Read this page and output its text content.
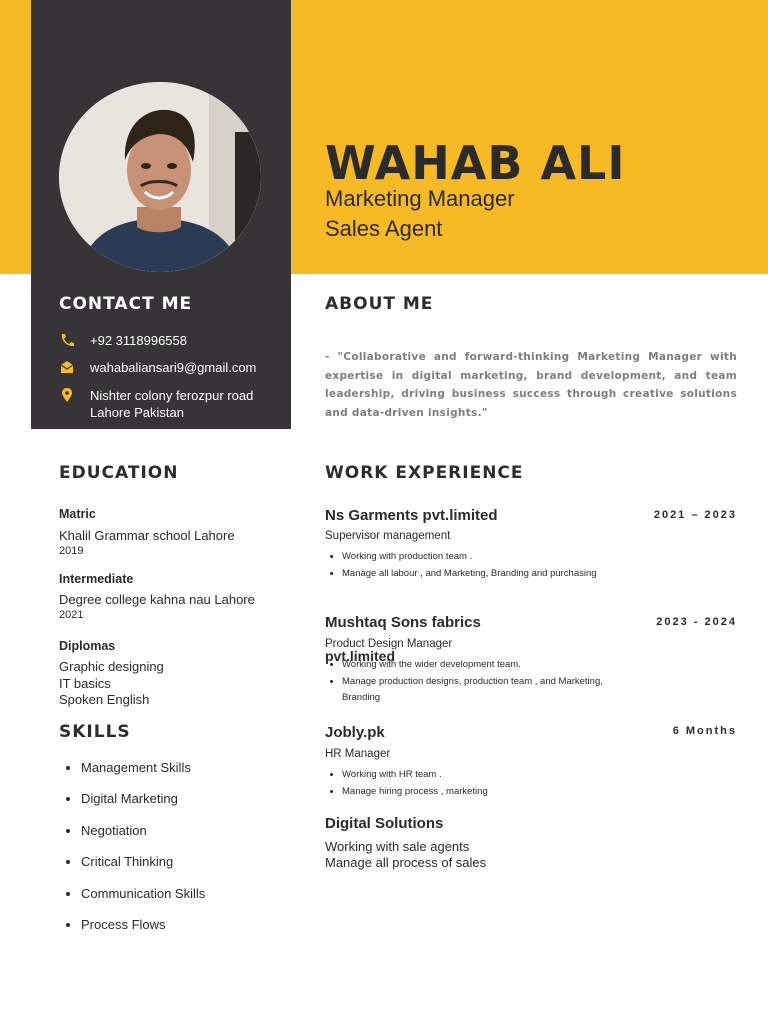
WAHAB ALI

Marketing Manager

Sales Agent

CONTACT ME
+92 3118996558
wahabaliansari9@gmail.com
Nishter colony ferozpur road Lahore Pakistan
ABOUT ME

- "Collaborative and forward-thinking Marketing Manager with expertise in digital marketing, brand development, and team leadership, driving business success through creative solutions and data-driven insights."

EDUCATION

Matric

Khalil Grammar school Lahore

2019

Intermediate

Degree college kahna nau Lahore

2021

Diplomas

Graphic designing

IT basics

Spoken English

SKILLS
• Management Skills
• Digital Marketing
• Negotiation
• Critical Thinking
• Communication Skills
• Process Flows
WORK EXPERIENCE

Ns Garments pvt.limited	2021 – 2023

Supervisor management

• Working with production team .
• Manage all labour , and Marketing, Branding and purchasing

Mushtaq Sons fabrics	2023 - 2024

Product Design Manager

pvt.limited

• Working with the wider development team.
• Manage production designs, production team , and Marketing, Branding

Jobly.pk	6 Months

HR Manager

• Working with HR team .
• Manage hiring process , marketing

Digital Solutions

Working with sale agents

Manage all process of sales
